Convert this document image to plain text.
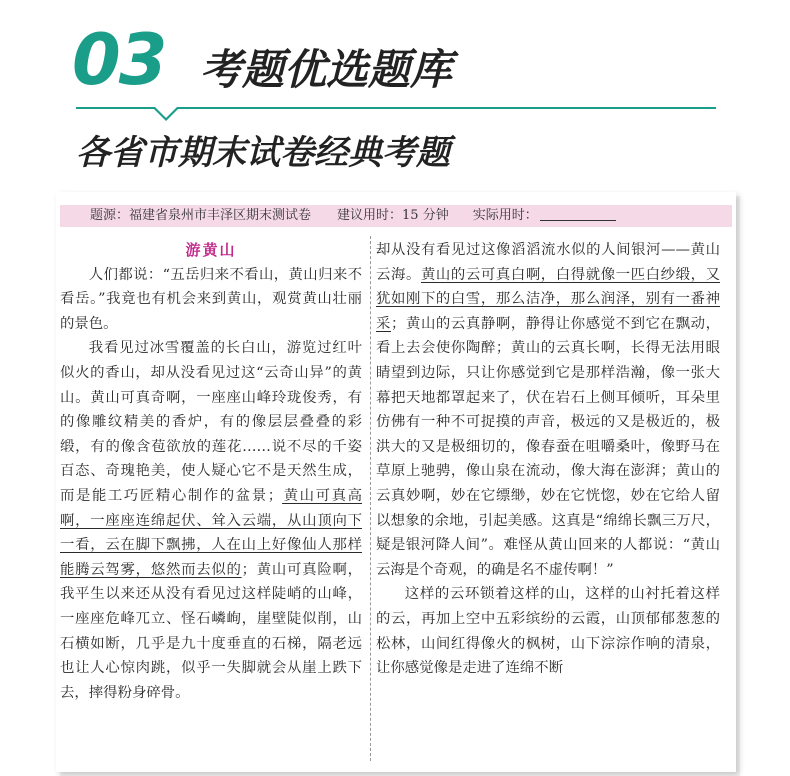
03 考题优选题库
各省市期末试卷经典考题
题源：福建省泉州市丰泽区期末测试卷 建议用时：15 分钟 实际用时：
游黄山

人们都说：“五岳归来不看山，黄山归来不看岳。”我竟也有机会来到黄山，观赏黄山壮丽的景色。

我看见过冰雪覆盖的长白山，游览过红叶似火的香山，却从没看见过这“云奇山异”的黄山。黄山可真奇啊，一座座山峰玲珑俊秀，有的像雕纹精美的香炉，有的像层层叠叠的彩缎，有的像含苞欲放的莲花……说不尽的千姿百态、奇瑰艳美，使人疑心它不是天然生成，而是能工巧匠精心制作的盆景；黄山可真高啊，一座座连绵起伏、耸入云端，从山顶向下一看，云在脚下飘拂，人在山上好像仙人那样能腾云驾雾，悠然而去似的；黄山可真险啊，我平生以来还从没有看见过这样陡峭的山峰，一座座危峰兀立、怪石嶙峋，崖壁陡似削，山石横如断，几乎是九十度垂直的石梯，隔老远也让人心惊肉跳，似乎一失脚就会从崖上跌下去，摔得粉身碎骨。

却从没有看见过这像滔滔流水似的人间银河——黄山云海。黄山的云可真白啊，白得就像一匹白纱缎，又犹如刚下的白雪，那么洁净，那么润泽，别有一番神采；黄山的云真静啊，静得让你感觉不到它在飘动，看上去会使你陶醉；黄山的云真长啊，长得无法用眼睛望到边际，只让你感觉到它是那样浩瀚，像一张大幕把天地都罩起来了，伏在岩石上侧耳倾听，耳朵里仿佛有一种不可捉摸的声音，极远的又是极近的，极洪大的又是极细切的，像春蚕在咀嚼桑叶，像野马在草原上驰骋，像山泉在流动，像大海在澎湃；黄山的云真妙啊，妙在它缥缈，妙在它恍惚，妙在它给人留以想象的余地，引起美感。这真是“绵绵长飘三万尺，疑是银河降人间”。难怪从黄山回来的人都说：“黄山云海是个奇观，的确是名不虚传啊！”

这样的云环锁着这样的山，这样的山衬托着这样的云，再加上空中五彩缤纷的云霞，山顶郁郁葱葱的松林，山间红得像火的枫树，山下淙淙作响的清泉，让你感觉像是走进了连绵不断
